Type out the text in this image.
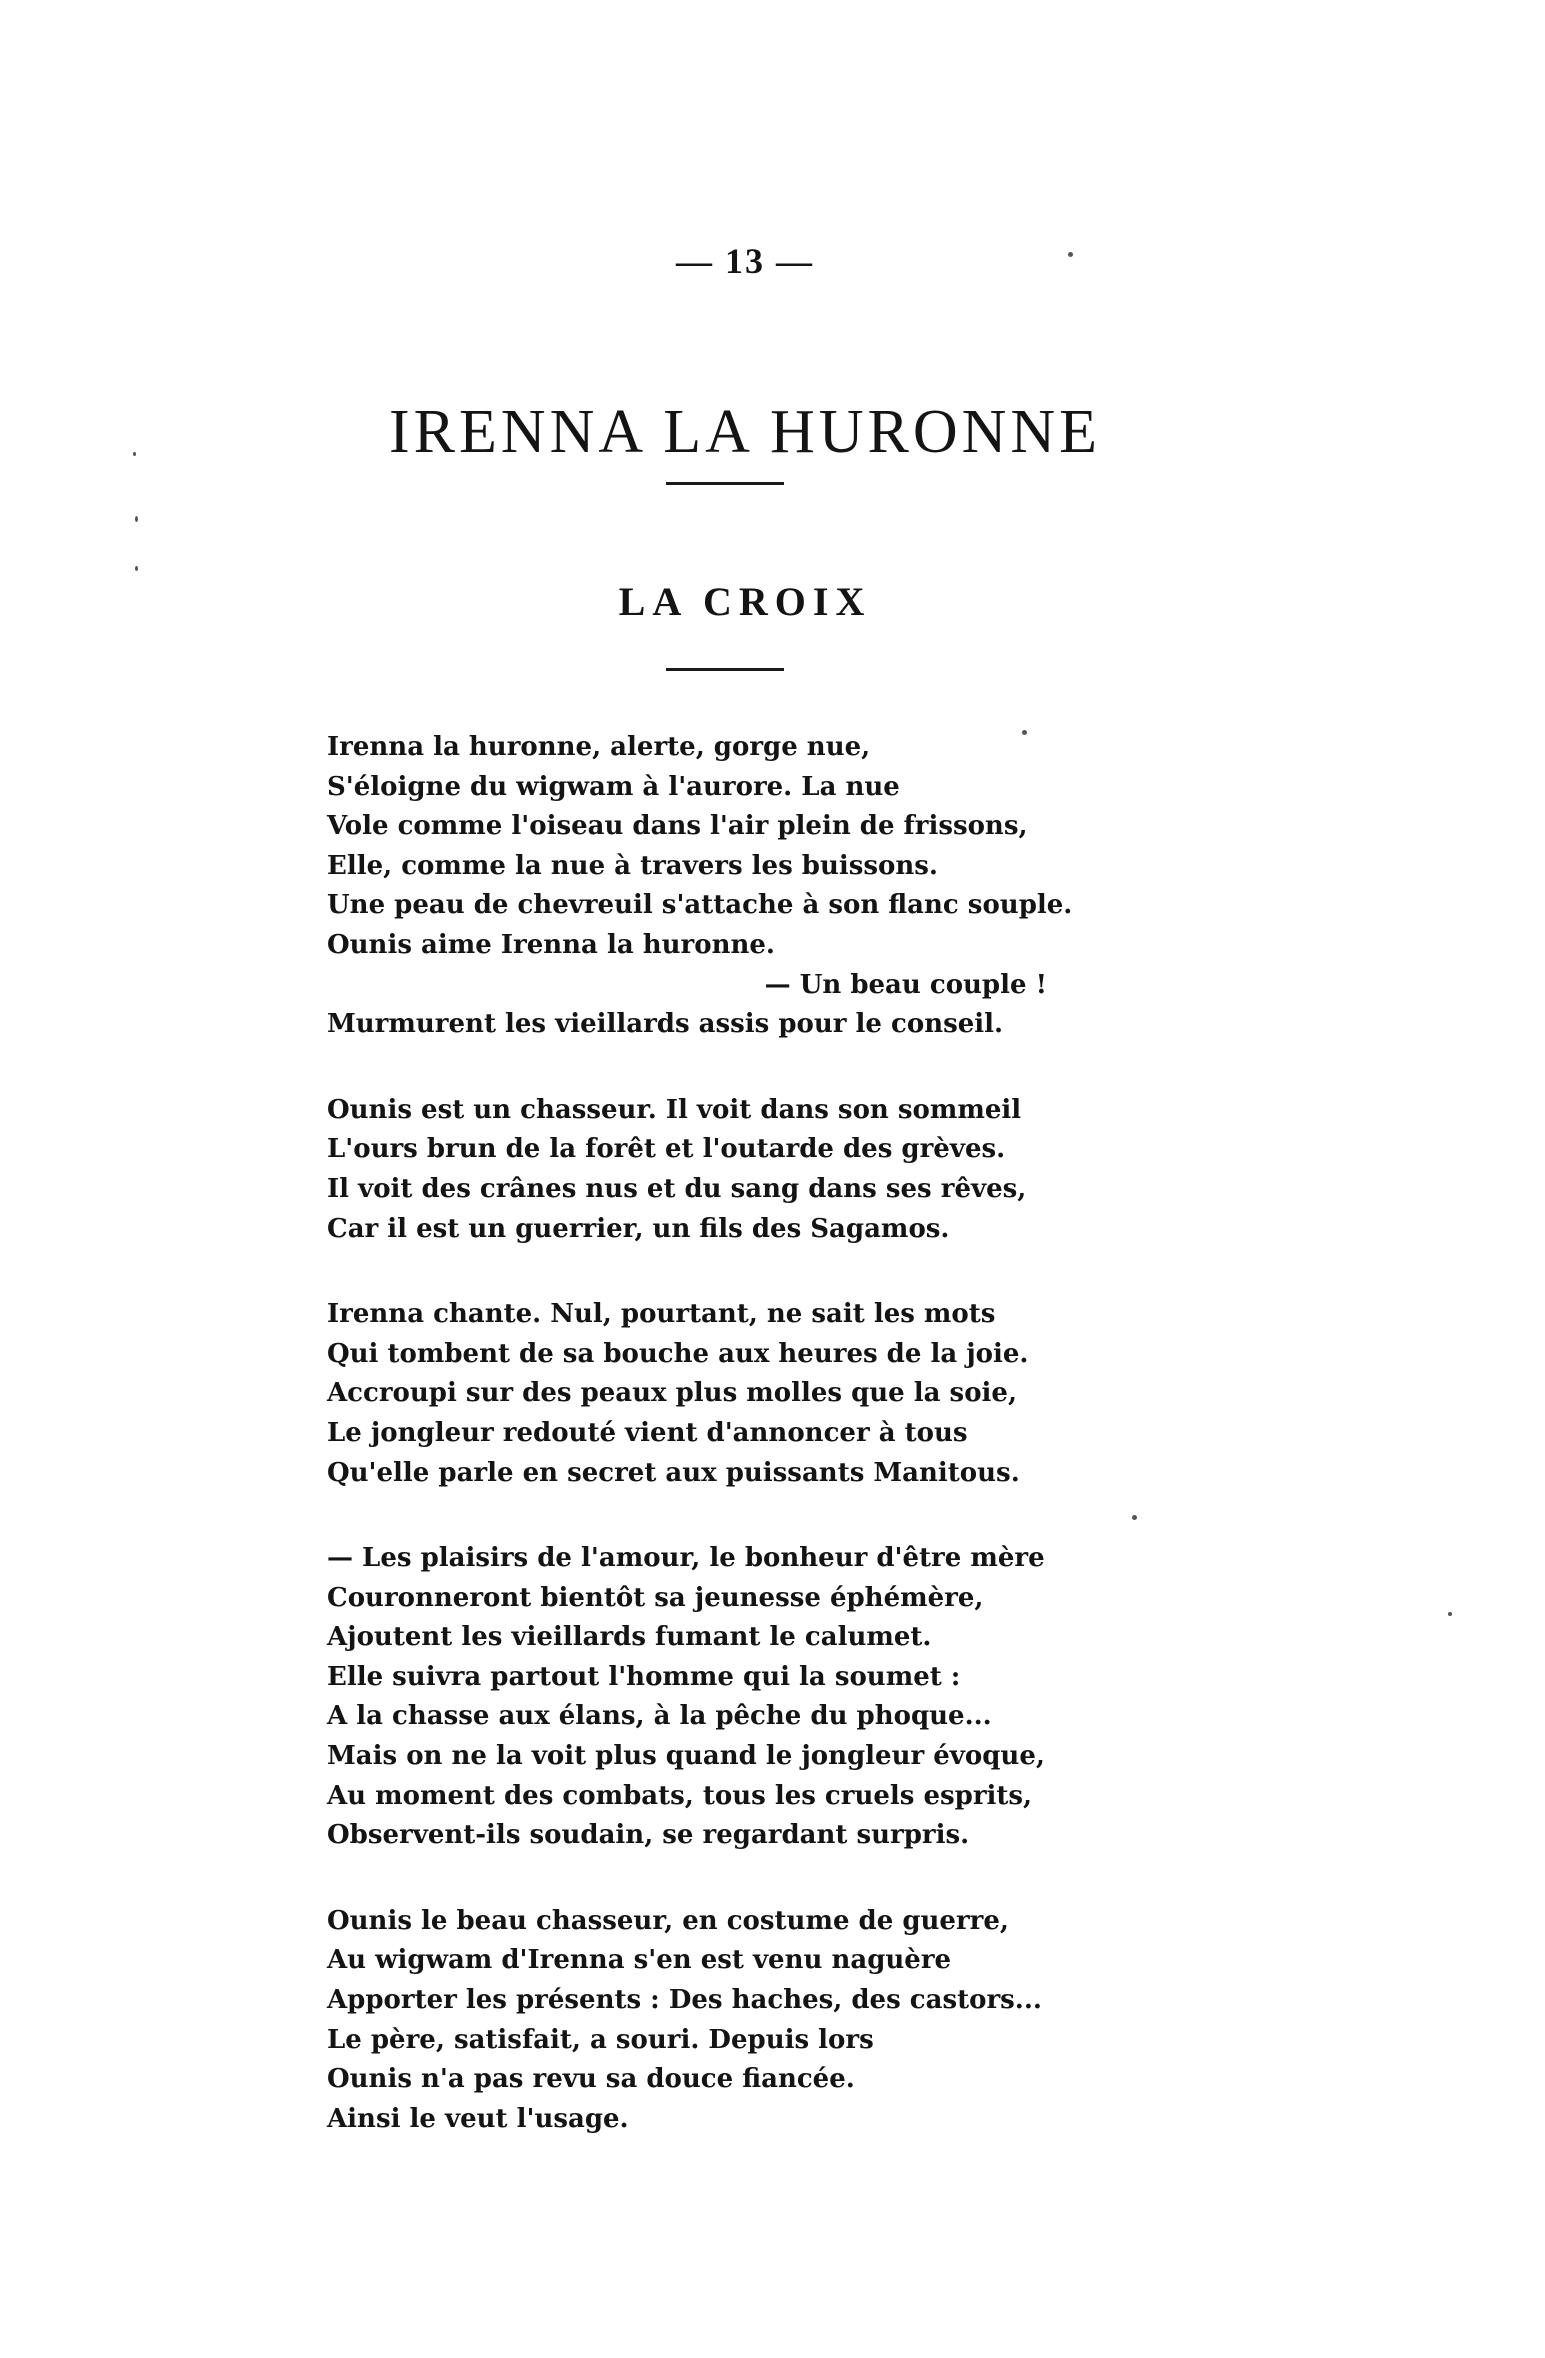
— 13 —
IRENNA LA HURONNE
LA CROIX
Irenna la huronne, alerte, gorge nue,
S'éloigne du wigwam à l'aurore. La nue
Vole comme l'oiseau dans l'air plein de frissons,
Elle, comme la nue à travers les buissons.
Une peau de chevreuil s'attache à son flanc souple.
Ounis aime Irenna la huronne.
— Un beau couple !
Murmurent les vieillards assis pour le conseil.
Ounis est un chasseur. Il voit dans son sommeil
L'ours brun de la forêt et l'outarde des grèves.
Il voit des crânes nus et du sang dans ses rêves,
Car il est un guerrier, un fils des Sagamos.
Irenna chante. Nul, pourtant, ne sait les mots
Qui tombent de sa bouche aux heures de la joie.
Accroupi sur des peaux plus molles que la soie,
Le jongleur redouté vient d'annoncer à tous
Qu'elle parle en secret aux puissants Manitous.
— Les plaisirs de l'amour, le bonheur d'être mère
Couronneront bientôt sa jeunesse éphémère,
Ajoutent les vieillards fumant le calumet.
Elle suivra partout l'homme qui la soumet :
A la chasse aux élans, à la pêche du phoque...
Mais on ne la voit plus quand le jongleur évoque,
Au moment des combats, tous les cruels esprits,
Observent-ils soudain, se regardant surpris.
Ounis le beau chasseur, en costume de guerre,
Au wigwam d'Irenna s'en est venu naguère
Apporter les présents : Des haches, des castors...
Le père, satisfait, a souri. Depuis lors
Ounis n'a pas revu sa douce fiancée.
Ainsi le veut l'usage.
